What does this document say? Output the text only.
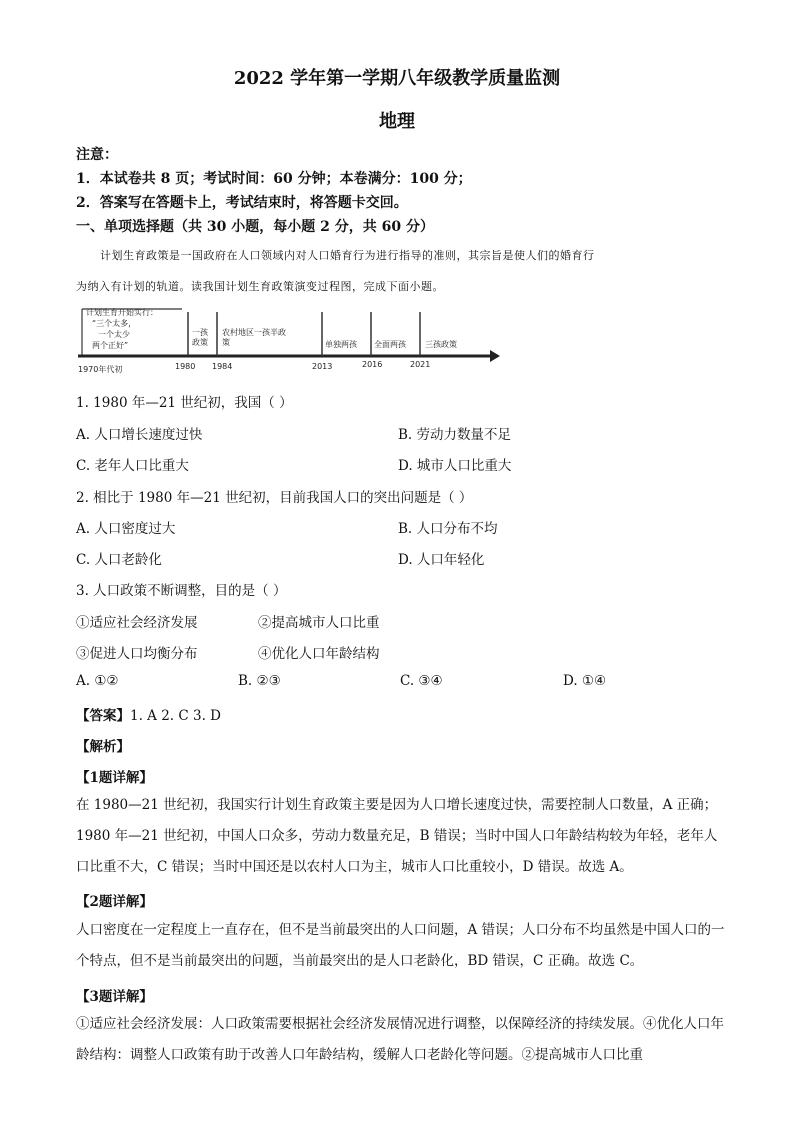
2022 学年第一学期八年级教学质量监测
地理
注意：
1．本试卷共 8 页；考试时间：60 分钟；本卷满分：100 分；
2．答案写在答题卡上，考试结束时，将答题卡交回。
一、单项选择题（共 30 小题，每小题 2 分，共 60 分）
计划生育政策是一国政府在人口领域内对人口婚育行为进行指导的准则，其宗旨是使人们的婚育行
为纳入有计划的轨道。读我国计划生育政策演变过程图，完成下面小题。
计划生育开始实行：
“三个太多，
一个太少
两个正好”
一孩政策
农村地区一孩半政策	单独两孩 全面两孩 三孩政策
1970年代初	1980 1984	2013	2016	2021
1. 1980 年—21 世纪初，我国（ ）
A. 人口增长速度过快	B. 劳动力数量不足
C. 老年人口比重大	D. 城市人口比重大
2. 相比于 1980 年—21 世纪初，目前我国人口的突出问题是（ ）
A. 人口密度过大	B. 人口分布不均
C. 人口老龄化	D. 人口年轻化
3. 人口政策不断调整，目的是（ ）
①适应社会经济发展	②提高城市人口比重
③促进人口均衡分布	④优化人口年龄结构
A. ①②	B. ②③	C. ③④	D. ①④
【答案】1. A 2. C 3. D
【解析】
【1题详解】
在 1980—21 世纪初，我国实行计划生育政策主要是因为人口增长速度过快，需要控制人口数量，A 正确；1980 年—21 世纪初，中国人口众多，劳动力数量充足，B 错误；当时中国人口年龄结构较为年轻，老年人口比重不大，C 错误；当时中国还是以农村人口为主，城市人口比重较小，D 错误。故选 A。
【2题详解】
人口密度在一定程度上一直存在，但不是当前最突出的人口问题，A 错误；人口分布不均虽然是中国人口的一个特点，但不是当前最突出的问题，当前最突出的是人口老龄化，BD 错误，C 正确。故选 C。
【3题详解】
①适应社会经济发展：人口政策需要根据社会经济发展情况进行调整，以保障经济的持续发展。④优化人口年龄结构：调整人口政策有助于改善人口年龄结构，缓解人口老龄化等问题。②提高城市人口比重
